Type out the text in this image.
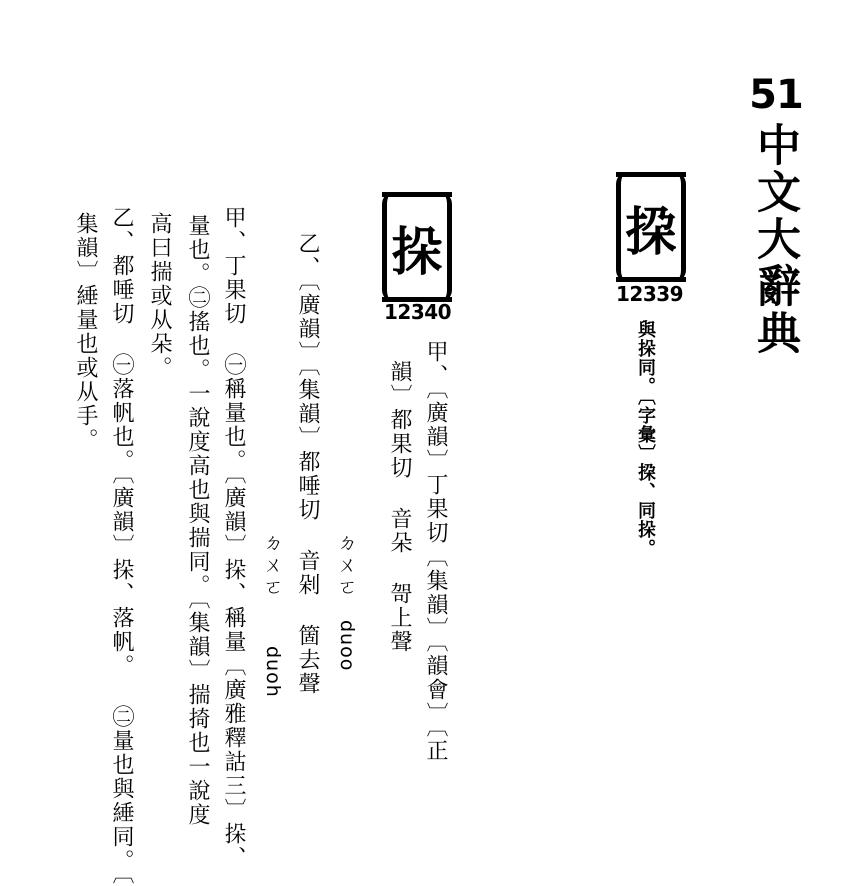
51
中文大辭典
挅
12339
與挆同。〔字彙〕挅、同挆。
挆
12340
甲、〔廣韻〕丁果切〔集韻〕〔韻會〕〔正
韻〕都果切 音朵 哿上聲
ㄉㄨㄛ
duoo
乙、〔廣韻〕〔集韻〕都唾切 音剁 箇去聲
ㄉㄨㄛ
duoh
甲、丁果切 ㊀稱量也。〔廣韻〕挆、稱量〔廣雅釋詁三〕挆、
量也。㊁搖也。一說度高也與揣同。〔集韻〕揣掎也一說度
高曰揣或从朵。
乙、都唾切 ㊀落帆也。〔廣韻〕挆、落帆。 ㊁量也與綞同。〔
集韻〕綞量也或从手。
